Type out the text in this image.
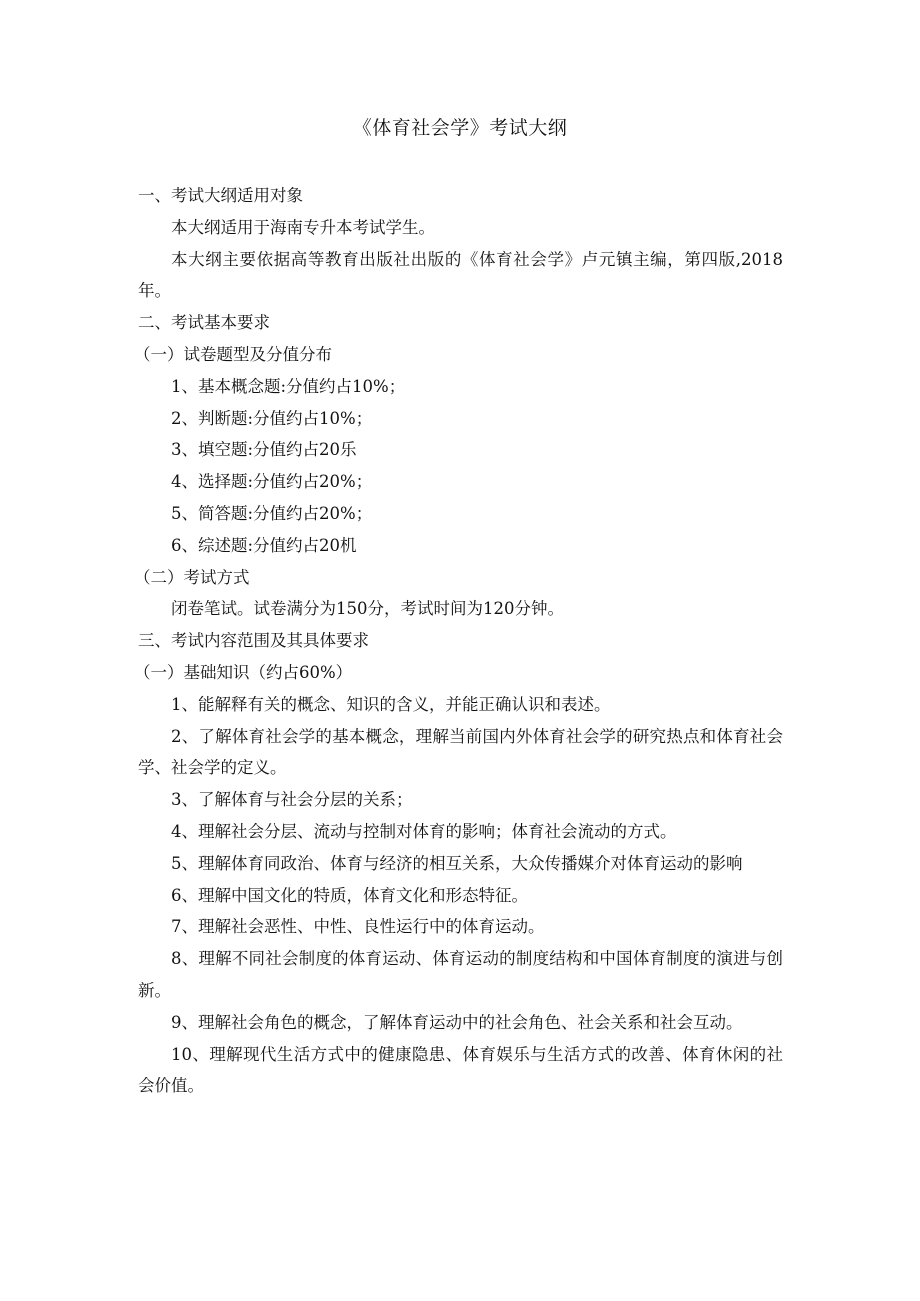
《体育社会学》考试大纲

一、考试大纲适用对象

本大纲适用于海南专升本考试学生。

本大纲主要依据高等教育出版社出版的《体育社会学》卢元镇主编，第四版,2018年。

二、考试基本要求

（一）试卷题型及分值分布

1、基本概念题:分值约占10%；

2、判断题:分值约占10%；

3、填空题:分值约占20乐

4、选择题:分值约占20%；

5、简答题:分值约占20%；

6、综述题:分值约占20机

（二）考试方式

闭卷笔试。试卷满分为150分，考试时间为120分钟。

三、考试内容范围及其具体要求

（一）基础知识（约占60%）

1、能解释有关的概念、知识的含义，并能正确认识和表述。

2、了解体育社会学的基本概念，理解当前国内外体育社会学的研究热点和体育社会学、社会学的定义。

3、了解体育与社会分层的关系；

4、理解社会分层、流动与控制对体育的影响；体育社会流动的方式。

5、理解体育同政治、体育与经济的相互关系，大众传播媒介对体育运动的影响

6、理解中国文化的特质，体育文化和形态特征。

7、理解社会恶性、中性、良性运行中的体育运动。

8、理解不同社会制度的体育运动、体育运动的制度结构和中国体育制度的演进与创新。

9、理解社会角色的概念，了解体育运动中的社会角色、社会关系和社会互动。

10、理解现代生活方式中的健康隐患、体育娱乐与生活方式的改善、体育休闲的社会价值。
